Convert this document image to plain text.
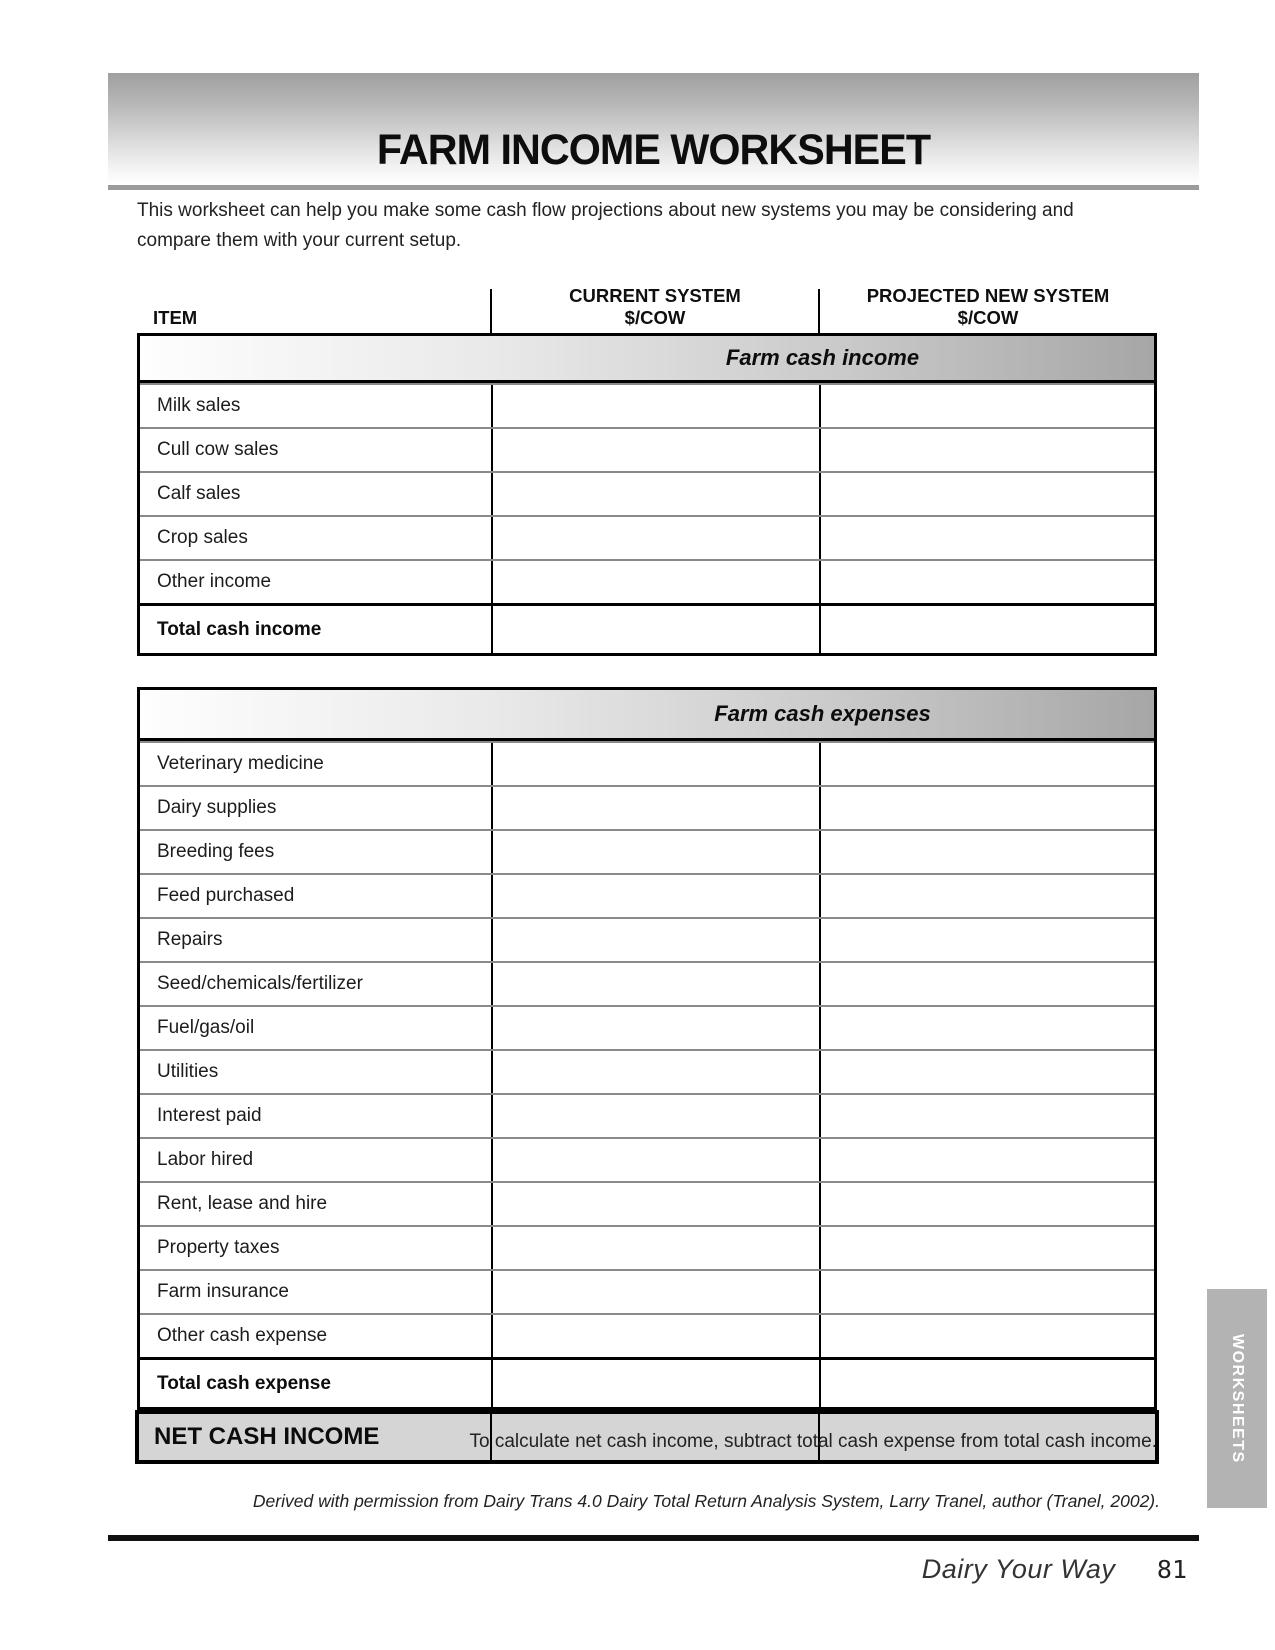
FARM INCOME WORKSHEET
This worksheet can help you make some cash flow projections about new systems you may be considering and compare them with your current setup.
ITEM
CURRENT SYSTEM
$/COW
PROJECTED NEW SYSTEM
$/COW
Farm cash income
Milk sales
Cull cow sales
Calf sales
Crop sales
Other income
Total cash income
Farm cash expenses
Veterinary medicine
Dairy supplies
Breeding fees
Feed purchased
Repairs
Seed/chemicals/fertilizer
Fuel/gas/oil
Utilities
Interest paid
Labor hired
Rent, lease and hire
Property taxes
Farm insurance
Other cash expense
Total cash expense
NET CASH INCOME	To calculate net cash income, subtract total cash expense from total cash income.
Derived with permission from Dairy Trans 4.0 Dairy Total Return Analysis System, Larry Tranel, author (Tranel, 2002).
Dairy Your Way 81
WORKSHEETS
